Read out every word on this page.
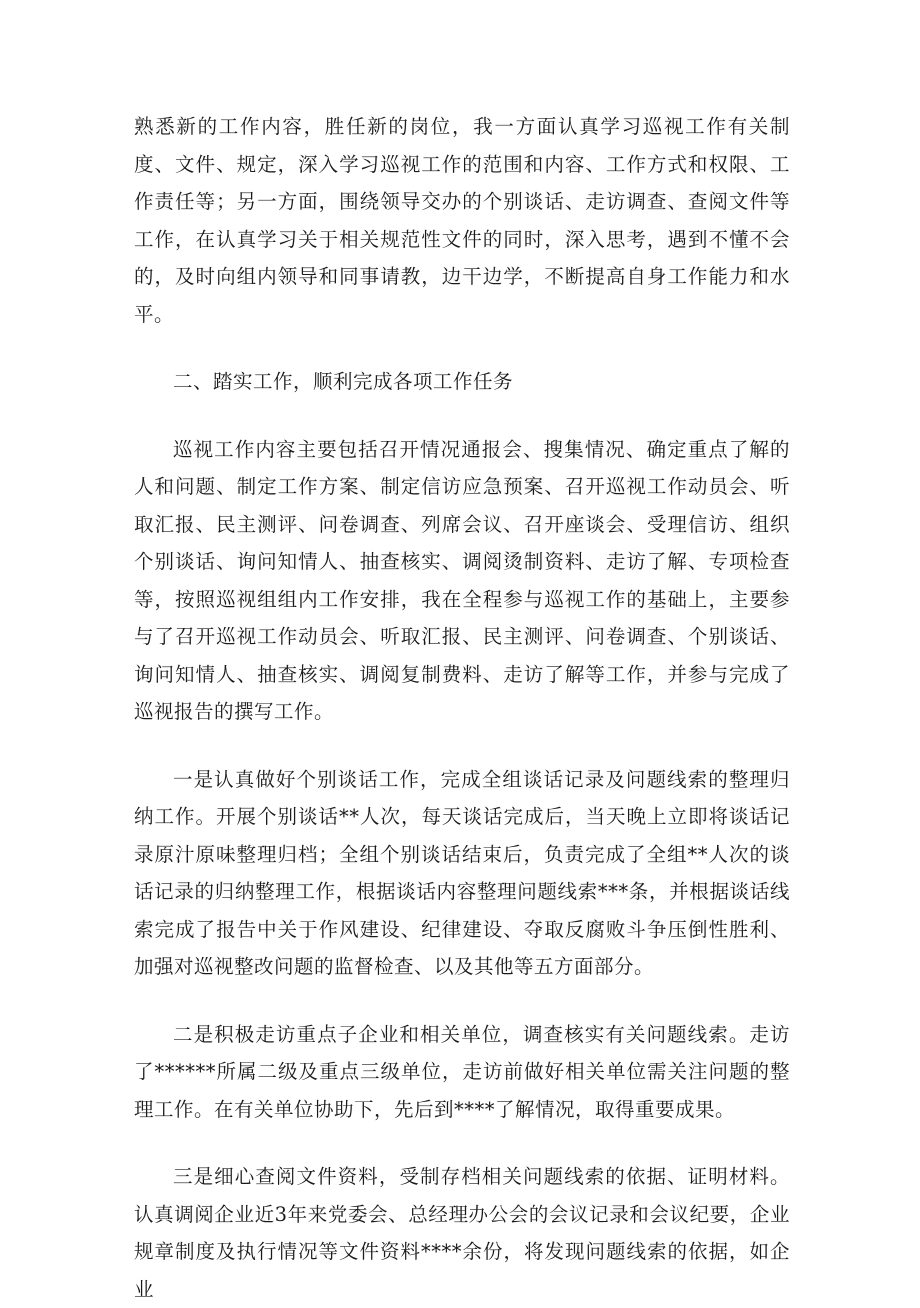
熟悉新的工作内容，胜任新的岗位，我一方面认真学习巡视工作有关制度、文件、规定，深入学习巡视工作的范围和内容、工作方式和权限、工作责任等；另一方面，围绕领导交办的个别谈话、走访调查、查阅文件等工作，在认真学习关于相关规范性文件的同时，深入思考，遇到不懂不会的，及时向组内领导和同事请教，边干边学，不断提高自身工作能力和水平。

二、踏实工作，顺利完成各项工作任务

巡视工作内容主要包括召开情况通报会、搜集情况、确定重点了解的人和问题、制定工作方案、制定信访应急预案、召开巡视工作动员会、听取汇报、民主测评、问卷调查、列席会议、召开座谈会、受理信访、组织个别谈话、询问知情人、抽查核实、调阅烫制资料、走访了解、专项检查等，按照巡视组组内工作安排，我在全程参与巡视工作的基础上，主要参与了召开巡视工作动员会、听取汇报、民主测评、问卷调查、个别谈话、询问知情人、抽查核实、调阅复制费料、走访了解等工作，并参与完成了巡视报告的撰写工作。

一是认真做好个别谈话工作，完成全组谈话记录及问题线索的整理归纳工作。开展个别谈话**人次，每天谈话完成后，当天晚上立即将谈话记录原汁原味整理归档；全组个别谈话结束后，负责完成了全组**人次的谈话记录的归纳整理工作，根据谈话内容整理问题线索***条，并根据谈话线索完成了报告中关于作风建设、纪律建设、夺取反腐败斗争压倒性胜利、加强对巡视整改问题的监督检查、以及其他等五方面部分。

二是积极走访重点子企业和相关单位，调查核实有关问题线索。走访了******所属二级及重点三级单位，走访前做好相关单位需关注问题的整理工作。在有关单位协助下，先后到****了解情况，取得重要成果。

三是细心查阅文件资料，受制存档相关问题线索的依据、证明材料。认真调阅企业近3年来党委会、总经理办公会的会议记录和会议纪要，企业规章制度及执行情况等文件资料****余份，将发现问题线索的依据，如企业
